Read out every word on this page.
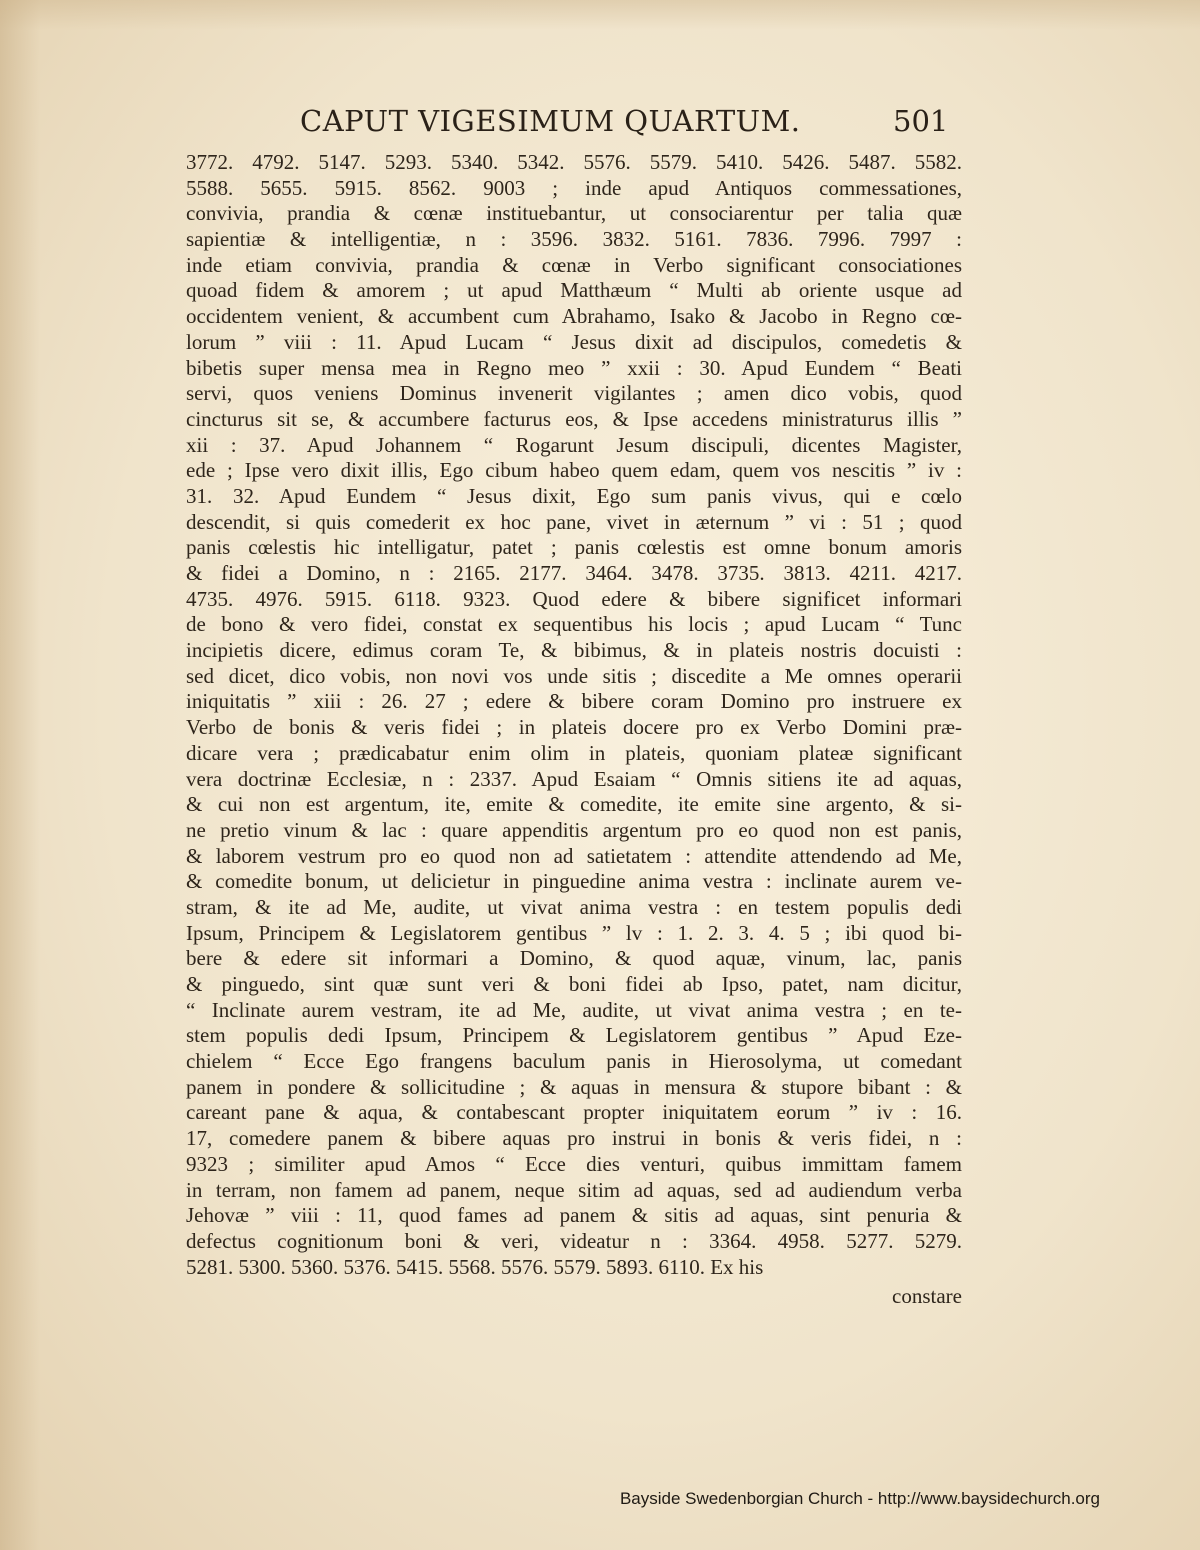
CAPUT VIGESIMUM QUARTUM.	501
3772. 4792. 5147. 5293. 5340. 5342. 5576. 5579. 5410. 5426. 5487. 5582.
5588. 5655. 5915. 8562. 9003 ; inde apud Antiquos commessationes,
convivia, prandia & cœnæ instituebantur, ut consociarentur per talia quæ
sapientiæ & intelligentiæ, n : 3596. 3832. 5161. 7836. 7996. 7997 :
inde etiam convivia, prandia & cœnæ in Verbo significant consociationes
quoad fidem & amorem ; ut apud Matthæum “ Multi ab oriente usque ad
occidentem venient, & accumbent cum Abrahamo, Isako & Jacobo in Regno cœ-
lorum ” viii : 11. Apud Lucam “ Jesus dixit ad discipulos, comedetis &
bibetis super mensa mea in Regno meo ” xxii : 30. Apud Eundem “ Beati
servi, quos veniens Dominus invenerit vigilantes ; amen dico vobis, quod
cincturus sit se, & accumbere facturus eos, & Ipse accedens ministraturus illis ”
xii : 37. Apud Johannem “ Rogarunt Jesum discipuli, dicentes Magister,
ede ; Ipse vero dixit illis, Ego cibum habeo quem edam, quem vos nescitis ” iv :
31. 32. Apud Eundem “ Jesus dixit, Ego sum panis vivus, qui e cœlo
descendit, si quis comederit ex hoc pane, vivet in æternum ” vi : 51 ; quod
panis cœlestis hic intelligatur, patet ; panis cœlestis est omne bonum amoris
& fidei a Domino, n : 2165. 2177. 3464. 3478. 3735. 3813. 4211. 4217.
4735. 4976. 5915. 6118. 9323. Quod edere & bibere significet informari
de bono & vero fidei, constat ex sequentibus his locis ; apud Lucam “ Tunc
incipietis dicere, edimus coram Te, & bibimus, & in plateis nostris docuisti :
sed dicet, dico vobis, non novi vos unde sitis ; discedite a Me omnes operarii
iniquitatis ” xiii : 26. 27 ; edere & bibere coram Domino pro instruere ex
Verbo de bonis & veris fidei ; in plateis docere pro ex Verbo Domini præ-
dicare vera ; prædicabatur enim olim in plateis, quoniam plateæ significant
vera doctrinæ Ecclesiæ, n : 2337. Apud Esaiam “ Omnis sitiens ite ad aquas,
& cui non est argentum, ite, emite & comedite, ite emite sine argento, & si-
ne pretio vinum & lac : quare appenditis argentum pro eo quod non est panis,
& laborem vestrum pro eo quod non ad satietatem : attendite attendendo ad Me,
& comedite bonum, ut delicietur in pinguedine anima vestra : inclinate aurem ve-
stram, & ite ad Me, audite, ut vivat anima vestra : en testem populis dedi
Ipsum, Principem & Legislatorem gentibus ” lv : 1. 2. 3. 4. 5 ; ibi quod bi-
bere & edere sit informari a Domino, & quod aquæ, vinum, lac, panis
& pinguedo, sint quæ sunt veri & boni fidei ab Ipso, patet, nam dicitur,
“ Inclinate aurem vestram, ite ad Me, audite, ut vivat anima vestra ; en te-
stem populis dedi Ipsum, Principem & Legislatorem gentibus ” Apud Eze-
chielem “ Ecce Ego frangens baculum panis in Hierosolyma, ut comedant
panem in pondere & sollicitudine ; & aquas in mensura & stupore bibant : &
careant pane & aqua, & contabescant propter iniquitatem eorum ” iv : 16.
17, comedere panem & bibere aquas pro instrui in bonis & veris fidei, n :
9323 ; similiter apud Amos “ Ecce dies venturi, quibus immittam famem
in terram, non famem ad panem, neque sitim ad aquas, sed ad audiendum verba
Jehovæ ” viii : 11, quod fames ad panem & sitis ad aquas, sint penuria &
defectus cognitionum boni & veri, videatur n : 3364. 4958. 5277. 5279.
5281. 5300. 5360. 5376. 5415. 5568. 5576. 5579. 5893. 6110. Ex his
constare
Bayside Swedenborgian Church - http://www.baysidechurch.org
